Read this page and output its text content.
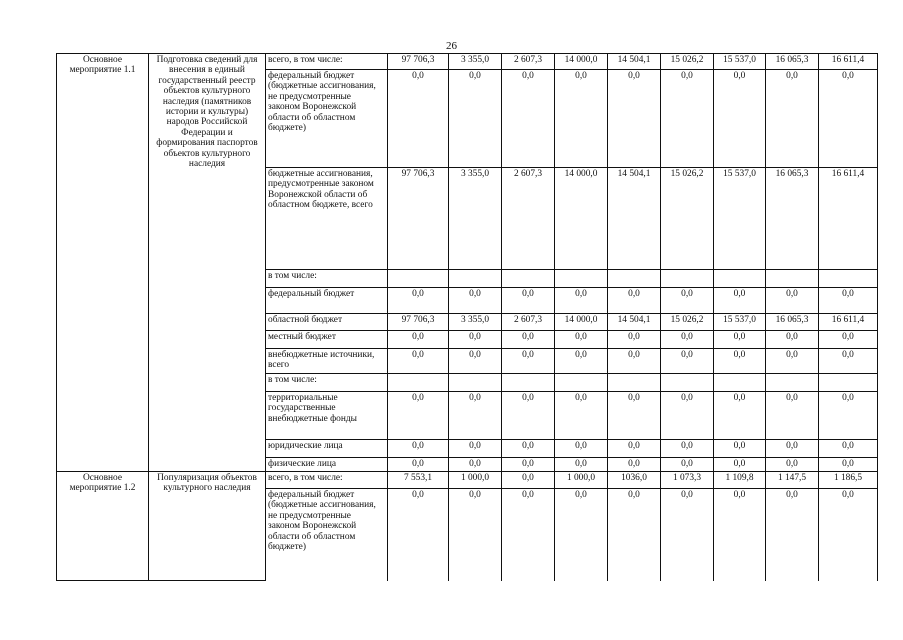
26
Основное мероприятие 1.1	Подготовка сведений для внесения в единый государственный реестр объектов культурного наследия (памятников истории и культуры) народов Российской Федерации и формирования паспортов объектов культурного наследия	всего, в том числе:	97 706,3	3 355,0	2 607,3	14 000,0	14 504,1	15 026,2	15 537,0	16 065,3	16 611,4
		федеральный бюджет (бюджетные ассигнования, не предусмотренные законом Воронежской области об областном бюджете)	0,0	0,0	0,0	0,0	0,0	0,0	0,0	0,0	0,0
		бюджетные ассигнования, предусмотренные законом Воронежской области об областном бюджете, всего	97 706,3	3 355,0	2 607,3	14 000,0	14 504,1	15 026,2	15 537,0	16 065,3	16 611,4
		в том числе:									
		федеральный бюджет	0,0	0,0	0,0	0,0	0,0	0,0	0,0	0,0	0,0
		областной бюджет	97 706,3	3 355,0	2 607,3	14 000,0	14 504,1	15 026,2	15 537,0	16 065,3	16 611,4
		местный бюджет	0,0	0,0	0,0	0,0	0,0	0,0	0,0	0,0	0,0
		внебюджетные источники, всего	0,0	0,0	0,0	0,0	0,0	0,0	0,0	0,0	0,0
		в том числе:									
		территориальные государственные внебюджетные фонды	0,0	0,0	0,0	0,0	0,0	0,0	0,0	0,0	0,0
		юридические лица	0,0	0,0	0,0	0,0	0,0	0,0	0,0	0,0	0,0
		физические лица	0,0	0,0	0,0	0,0	0,0	0,0	0,0	0,0	0,0
Основное мероприятие 1.2	Популяризация объектов культурного наследия	всего, в том числе:	7 553,1	1 000,0	0,0	1 000,0	1036,0	1 073,3	1 109,8	1 147,5	1 186,5
		федеральный бюджет (бюджетные ассигнования, не предусмотренные законом Воронежской области об областном бюджете)	0,0	0,0	0,0	0,0	0,0	0,0	0,0	0,0	0,0
